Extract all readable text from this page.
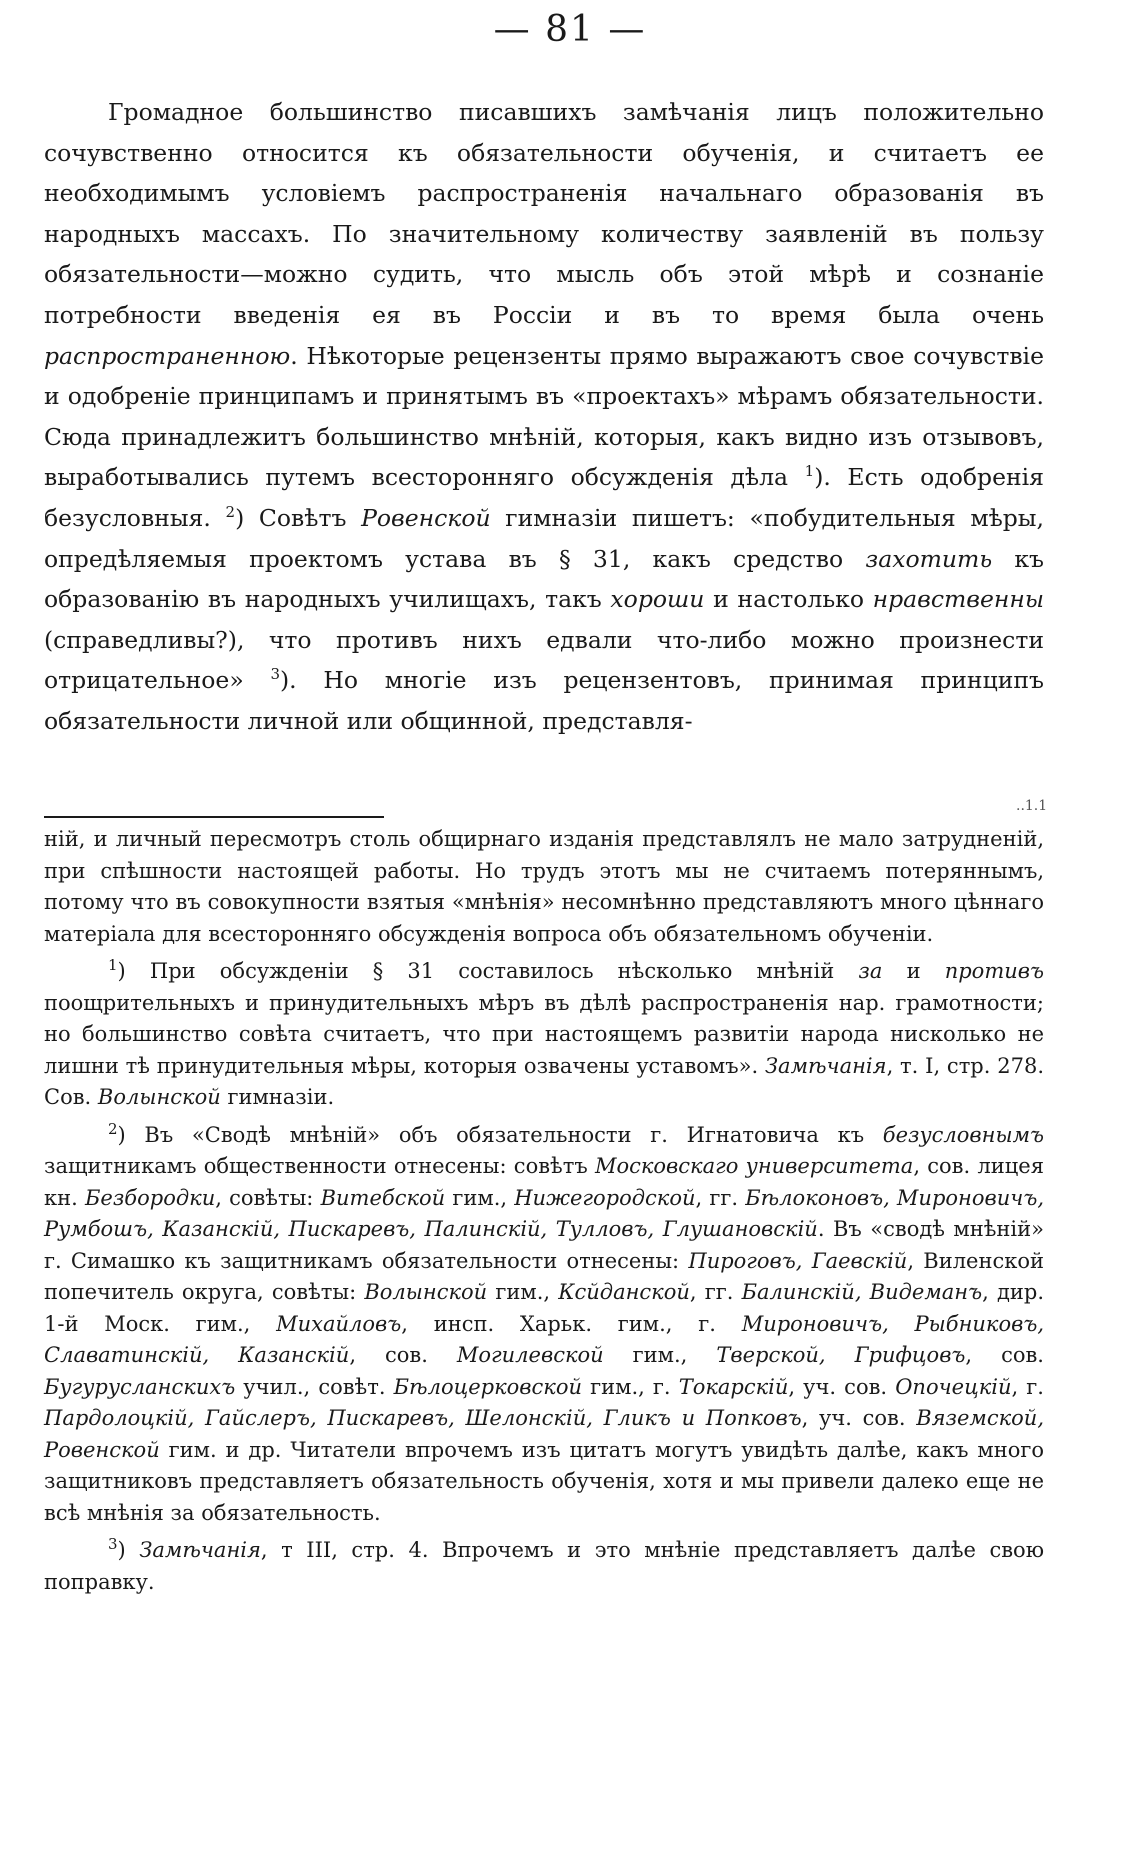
— 81 —
Громадное большинство писавшихъ замѣчанія лицъ положительно сочувственно относится къ обязательности обученія, и считаетъ ее необходимымъ условіемъ распространенія начальнаго образованія въ народныхъ массахъ. По значительному количеству заявленій въ пользу обязательности—можно судить, что мысль объ этой мѣрѣ и сознаніе потребности введенія ея въ Россіи и въ то время была очень распространенною. Нѣкоторые рецензенты прямо выражаютъ свое сочувствіе и одобреніе принципамъ и принятымъ въ «проектахъ» мѣрамъ обязательности. Сюда принадлежитъ большинство мнѣній, которыя, какъ видно изъ отзывовъ, выработывались путемъ всесторонняго обсужденія дѣла $^1$). Есть одобренія безусловныя. $^2$) Совѣтъ Ровенской гимназіи пишетъ: «побудительныя мѣры, опредѣляемыя проектомъ устава въ § 31, какъ средство захотить къ образованію въ народныхъ училищахъ, такъ хороши и настолько нравственны (справедливы?), что противъ нихъ едвали что-либо можно произнести отрицательное» $^3$). Но многіе изъ рецензентовъ, принимая принципъ обязательности личной или общинной, представля-
..1.1

ній, и личный пересмотръ столь общирнаго изданія представлялъ не мало затрудненій, при спѣшности настоящей работы. Но трудъ этотъ мы не считаемъ потеряннымъ, потому что въ совокупности взятыя «мнѣнія» несомнѣнно представляютъ много цѣннаго матеріала для всесторонняго обсужденія вопроса объ обязательномъ обученіи.

$^1$) При обсужденіи § 31 составилось нѣсколько мнѣній за и противъ поощрительныхъ и принудительныхъ мѣръ въ дѣлѣ распространенія нар. грамотности; но большинство совѣта считаетъ, что при настоящемъ развитіи народа нисколько не лишни тѣ принудительныя мѣры, которыя озвачены уставомъ». Замѣчанія, т. I, стр. 278. Сов. Волынской гимназіи.

$^2$) Въ «Сводѣ мнѣній» объ обязательности г. Игнатовича къ безусловнымъ защитникамъ общественности отнесены: совѣтъ Московскаго университета, сов. лицея кн. Безбородки, совѣты: Витебской гим., Нижегородской, гг. Бѣлоконовъ, Мироновичъ, Румбошъ, Казанскій, Пискаревъ, Палинскій, Тулловъ, Глушановскій. Въ «сводѣ мнѣній» г. Симашко къ защитникамъ обязательности отнесены: Пироговъ, Гаевскій, Виленской попечитель округа, совѣты: Волынской гим., Ксйданской, гг. Балинскій, Видеманъ, дир. 1-й Моск. гим., Михайловъ, инсп. Харьк. гим., г. Мироновичъ, Рыбниковъ, Славатинскій, Казанскій, сов. Могилевской гим., Тверской, Грифцовъ, сов. Бугурусланскихъ учил., совѣт. Бѣлоцерковской гим., г. Токарскій, уч. сов. Опочецкій, г. Пардолоцкій, Гайслеръ, Пискаревъ, Шелонскій, Гликъ и Попковъ, уч. сов. Вяземской, Ровенской гим. и др. Читатели впрочемъ изъ цитатъ могутъ увидѣть далѣе, какъ много защитниковъ представляетъ обязательность обученія, хотя и мы привели далеко еще не всѣ мнѣнія за обязательность.

$^3$) Замѣчанія, т III, стр. 4. Впрочемъ и это мнѣніе представляетъ далѣе свою поправку.
